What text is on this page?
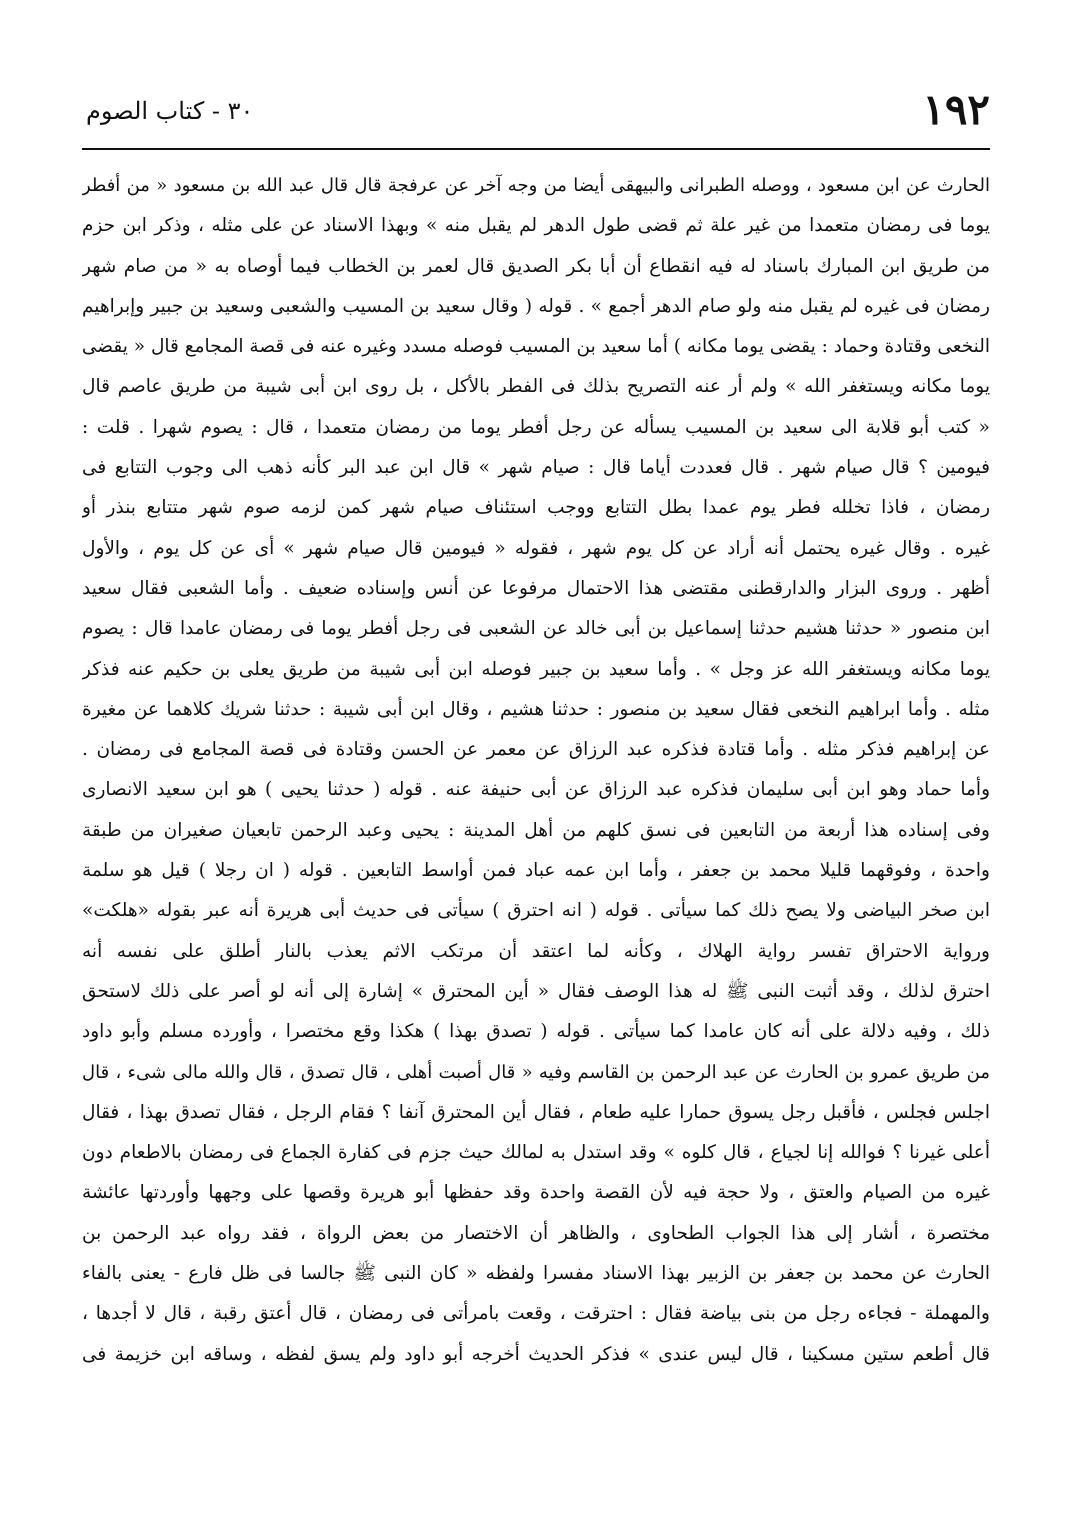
١٩٢
٣٠ - كتاب الصوم
الحارث عن ابن مسعود ، ووصله الطبرانى والبيهقى أيضا من وجه آخر عن عرفجة قال قال عبد الله بن مسعود « من أفطر
يوما فى رمضان متعمدا من غير علة ثم قضى طول الدهر لم يقبل منه » وبهذا الاسناد عن على مثله ، وذكر ابن حزم
من طريق ابن المبارك باسناد له فيه انقطاع أن أبا بكر الصديق قال لعمر بن الخطاب فيما أوصاه به « من صام شهر
رمضان فى غيره لم يقبل منه ولو صام الدهر أجمع » . قوله ( وقال سعيد بن المسيب والشعبى وسعيد بن جبير وإبراهيم
النخعى وقتادة وحماد : يقضى يوما مكانه ) أما سعيد بن المسيب فوصله مسدد وغيره عنه فى قصة المجامع قال « يقضى
يوما مكانه ويستغفر الله » ولم أر عنه التصريح بذلك فى الفطر بالأكل ، بل روى ابن أبى شيبة من طريق عاصم قال
« كتب أبو قلابة الى سعيد بن المسيب يسأله عن رجل أفطر يوما من رمضان متعمدا ، قال : يصوم شهرا . قلت :
فيومين ؟ قال صيام شهر . قال فعددت أياما قال : صيام شهر » قال ابن عبد البر كأنه ذهب الى وجوب التتابع فى
رمضان ، فاذا تخلله فطر يوم عمدا بطل التتابع ووجب استئناف صيام شهر كمن لزمه صوم شهر متتابع بنذر أو
غيره . وقال غيره يحتمل أنه أراد عن كل يوم شهر ، فقوله « فيومين قال صيام شهر » أى عن كل يوم ، والأول
أظهر . وروى البزار والدارقطنى مقتضى هذا الاحتمال مرفوعا عن أنس وإسناده ضعيف . وأما الشعبى فقال سعيد
ابن منصور « حدثنا هشيم حدثنا إسماعيل بن أبى خالد عن الشعبى فى رجل أفطر يوما فى رمضان عامدا قال : يصوم
يوما مكانه ويستغفر الله عز وجل » . وأما سعيد بن جبير فوصله ابن أبى شيبة من طريق يعلى بن حكيم عنه فذكر
مثله . وأما ابراهيم النخعى فقال سعيد بن منصور : حدثنا هشيم ، وقال ابن أبى شيبة : حدثنا شريك كلاهما عن مغيرة
عن إبراهيم فذكر مثله . وأما قتادة فذكره عبد الرزاق عن معمر عن الحسن وقتادة فى قصة المجامع فى رمضان .
وأما حماد وهو ابن أبى سليمان فذكره عبد الرزاق عن أبى حنيفة عنه . قوله ( حدثنا يحيى ) هو ابن سعيد الانصارى
وفى إسناده هذا أربعة من التابعين فى نسق كلهم من أهل المدينة : يحيى وعبد الرحمن تابعيان صغيران من طبقة
واحدة ، وفوقهما قليلا محمد بن جعفر ، وأما ابن عمه عباد فمن أواسط التابعين . قوله ( ان رجلا ) قيل هو سلمة
ابن صخر البياضى ولا يصح ذلك كما سيأتى . قوله ( انه احترق ) سيأتى فى حديث أبى هريرة أنه عبر بقوله «هلكت»
ورواية الاحتراق تفسر رواية الهلاك ، وكأنه لما اعتقد أن مرتكب الاثم يعذب بالنار أطلق على نفسه أنه
احترق لذلك ، وقد أثبت النبى ﷺ له هذا الوصف فقال « أين المحترق » إشارة إلى أنه لو أصر على ذلك لاستحق
ذلك ، وفيه دلالة على أنه كان عامدا كما سيأتى . قوله ( تصدق بهذا ) هكذا وقع مختصرا ، وأورده مسلم وأبو داود
من طريق عمرو بن الحارث عن عبد الرحمن بن القاسم وفيه « قال أصبت أهلى ، قال تصدق ، قال والله مالى شىء ، قال
اجلس فجلس ، فأقبل رجل يسوق حمارا عليه طعام ، فقال أين المحترق آنفا ؟ فقام الرجل ، فقال تصدق بهذا ، فقال
أعلى غيرنا ؟ فوالله إنا لجياع ، قال كلوه » وقد استدل به لمالك حيث جزم فى كفارة الجماع فى رمضان بالاطعام دون
غيره من الصيام والعتق ، ولا حجة فيه لأن القصة واحدة وقد حفظها أبو هريرة وقصها على وجهها وأوردتها عائشة
مختصرة ، أشار إلى هذا الجواب الطحاوى ، والظاهر أن الاختصار من بعض الرواة ، فقد رواه عبد الرحمن بن
الحارث عن محمد بن جعفر بن الزبير بهذا الاسناد مفسرا ولفظه « كان النبى ﷺ جالسا فى ظل فارع - يعنى بالفاء
والمهملة - فجاءه رجل من بنى بياضة فقال : احترقت ، وقعت بامرأتى فى رمضان ، قال أعتق رقبة ، قال لا أجدها ،
قال أطعم ستين مسكينا ، قال ليس عندى » فذكر الحديث أخرجه أبو داود ولم يسق لفظه ، وساقه ابن خزيمة فى
